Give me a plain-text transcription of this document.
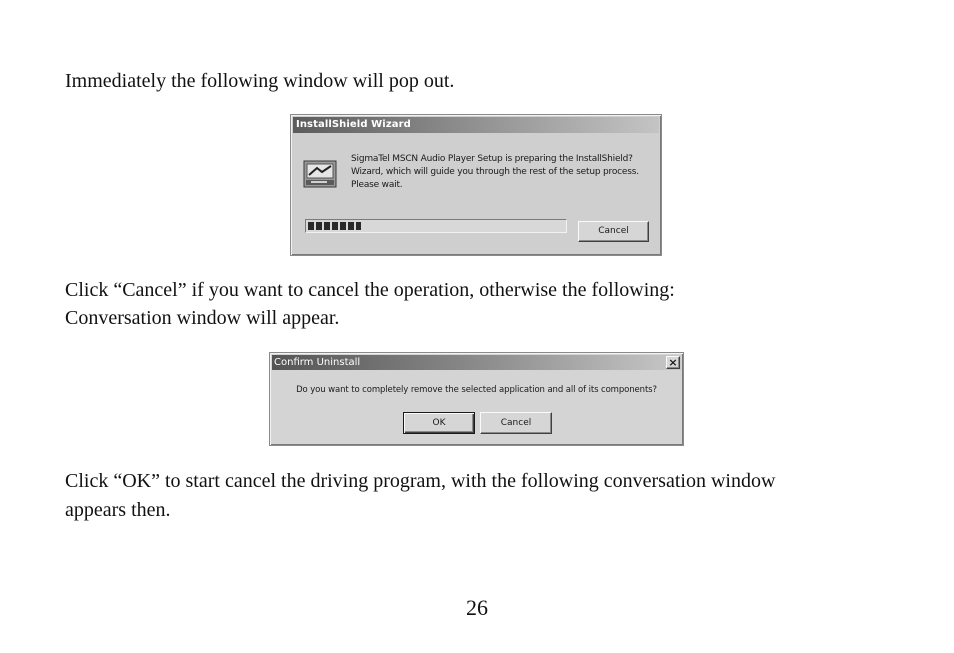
Immediately the following window will pop out.

InstallShield Wizard
SigmaTel MSCN Audio Player Setup is preparing the InstallShield? Wizard, which will guide you through the rest of the setup process. Please wait.
Cancel

Click “Cancel” if you want to cancel the operation, otherwise the following:

Conversation window will appear.

Confirm Uninstall	×
Do you want to completely remove the selected application and all of its components?
OK	Cancel

Click “OK” to start cancel the driving program, with the following conversation window

appears then.

26
